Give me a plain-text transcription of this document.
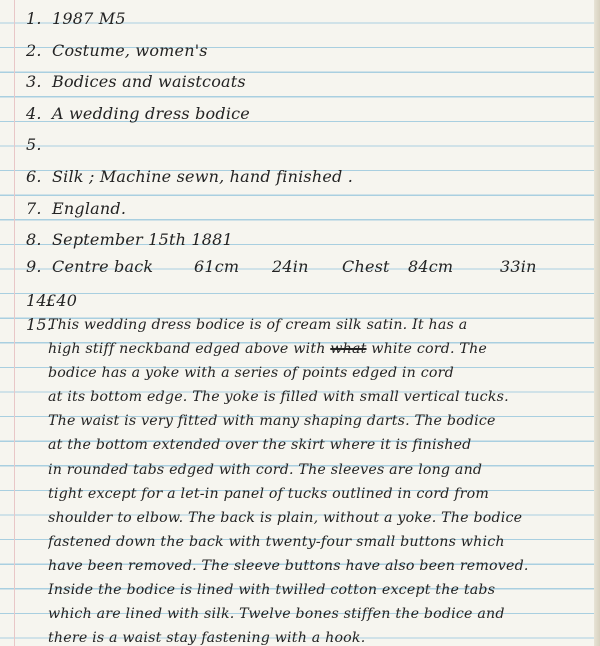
1. 1987 M5
2. Costume, women's
3. Bodices and waistcoats
4. A wedding dress bodice
5.
6. Silk ; Machine sewn, hand finished .
7. England.
8. September 15th 1881
9. Centre back	61cm 24in Chest 84cm	33in
14.£40
15.
This wedding dress bodice is of cream silk satin. It has a
high stiff neckband edged above with what white cord. The
bodice has a yoke with a series of points edged in cord
at its bottom edge. The yoke is filled with small vertical tucks.
The waist is very fitted with many shaping darts. The bodice
at the bottom extended over the skirt where it is finished
in rounded tabs edged with cord. The sleeves are long and
tight except for a let-in panel of tucks outlined in cord from
shoulder to elbow. The back is plain, without a yoke. The bodice
fastened down the back with twenty-four small buttons which
have been removed. The sleeve buttons have also been removed.
Inside the bodice is lined with twilled cotton except the tabs
which are lined with silk. Twelve bones stiffen the bodice and
there is a waist stay fastening with a hook.
